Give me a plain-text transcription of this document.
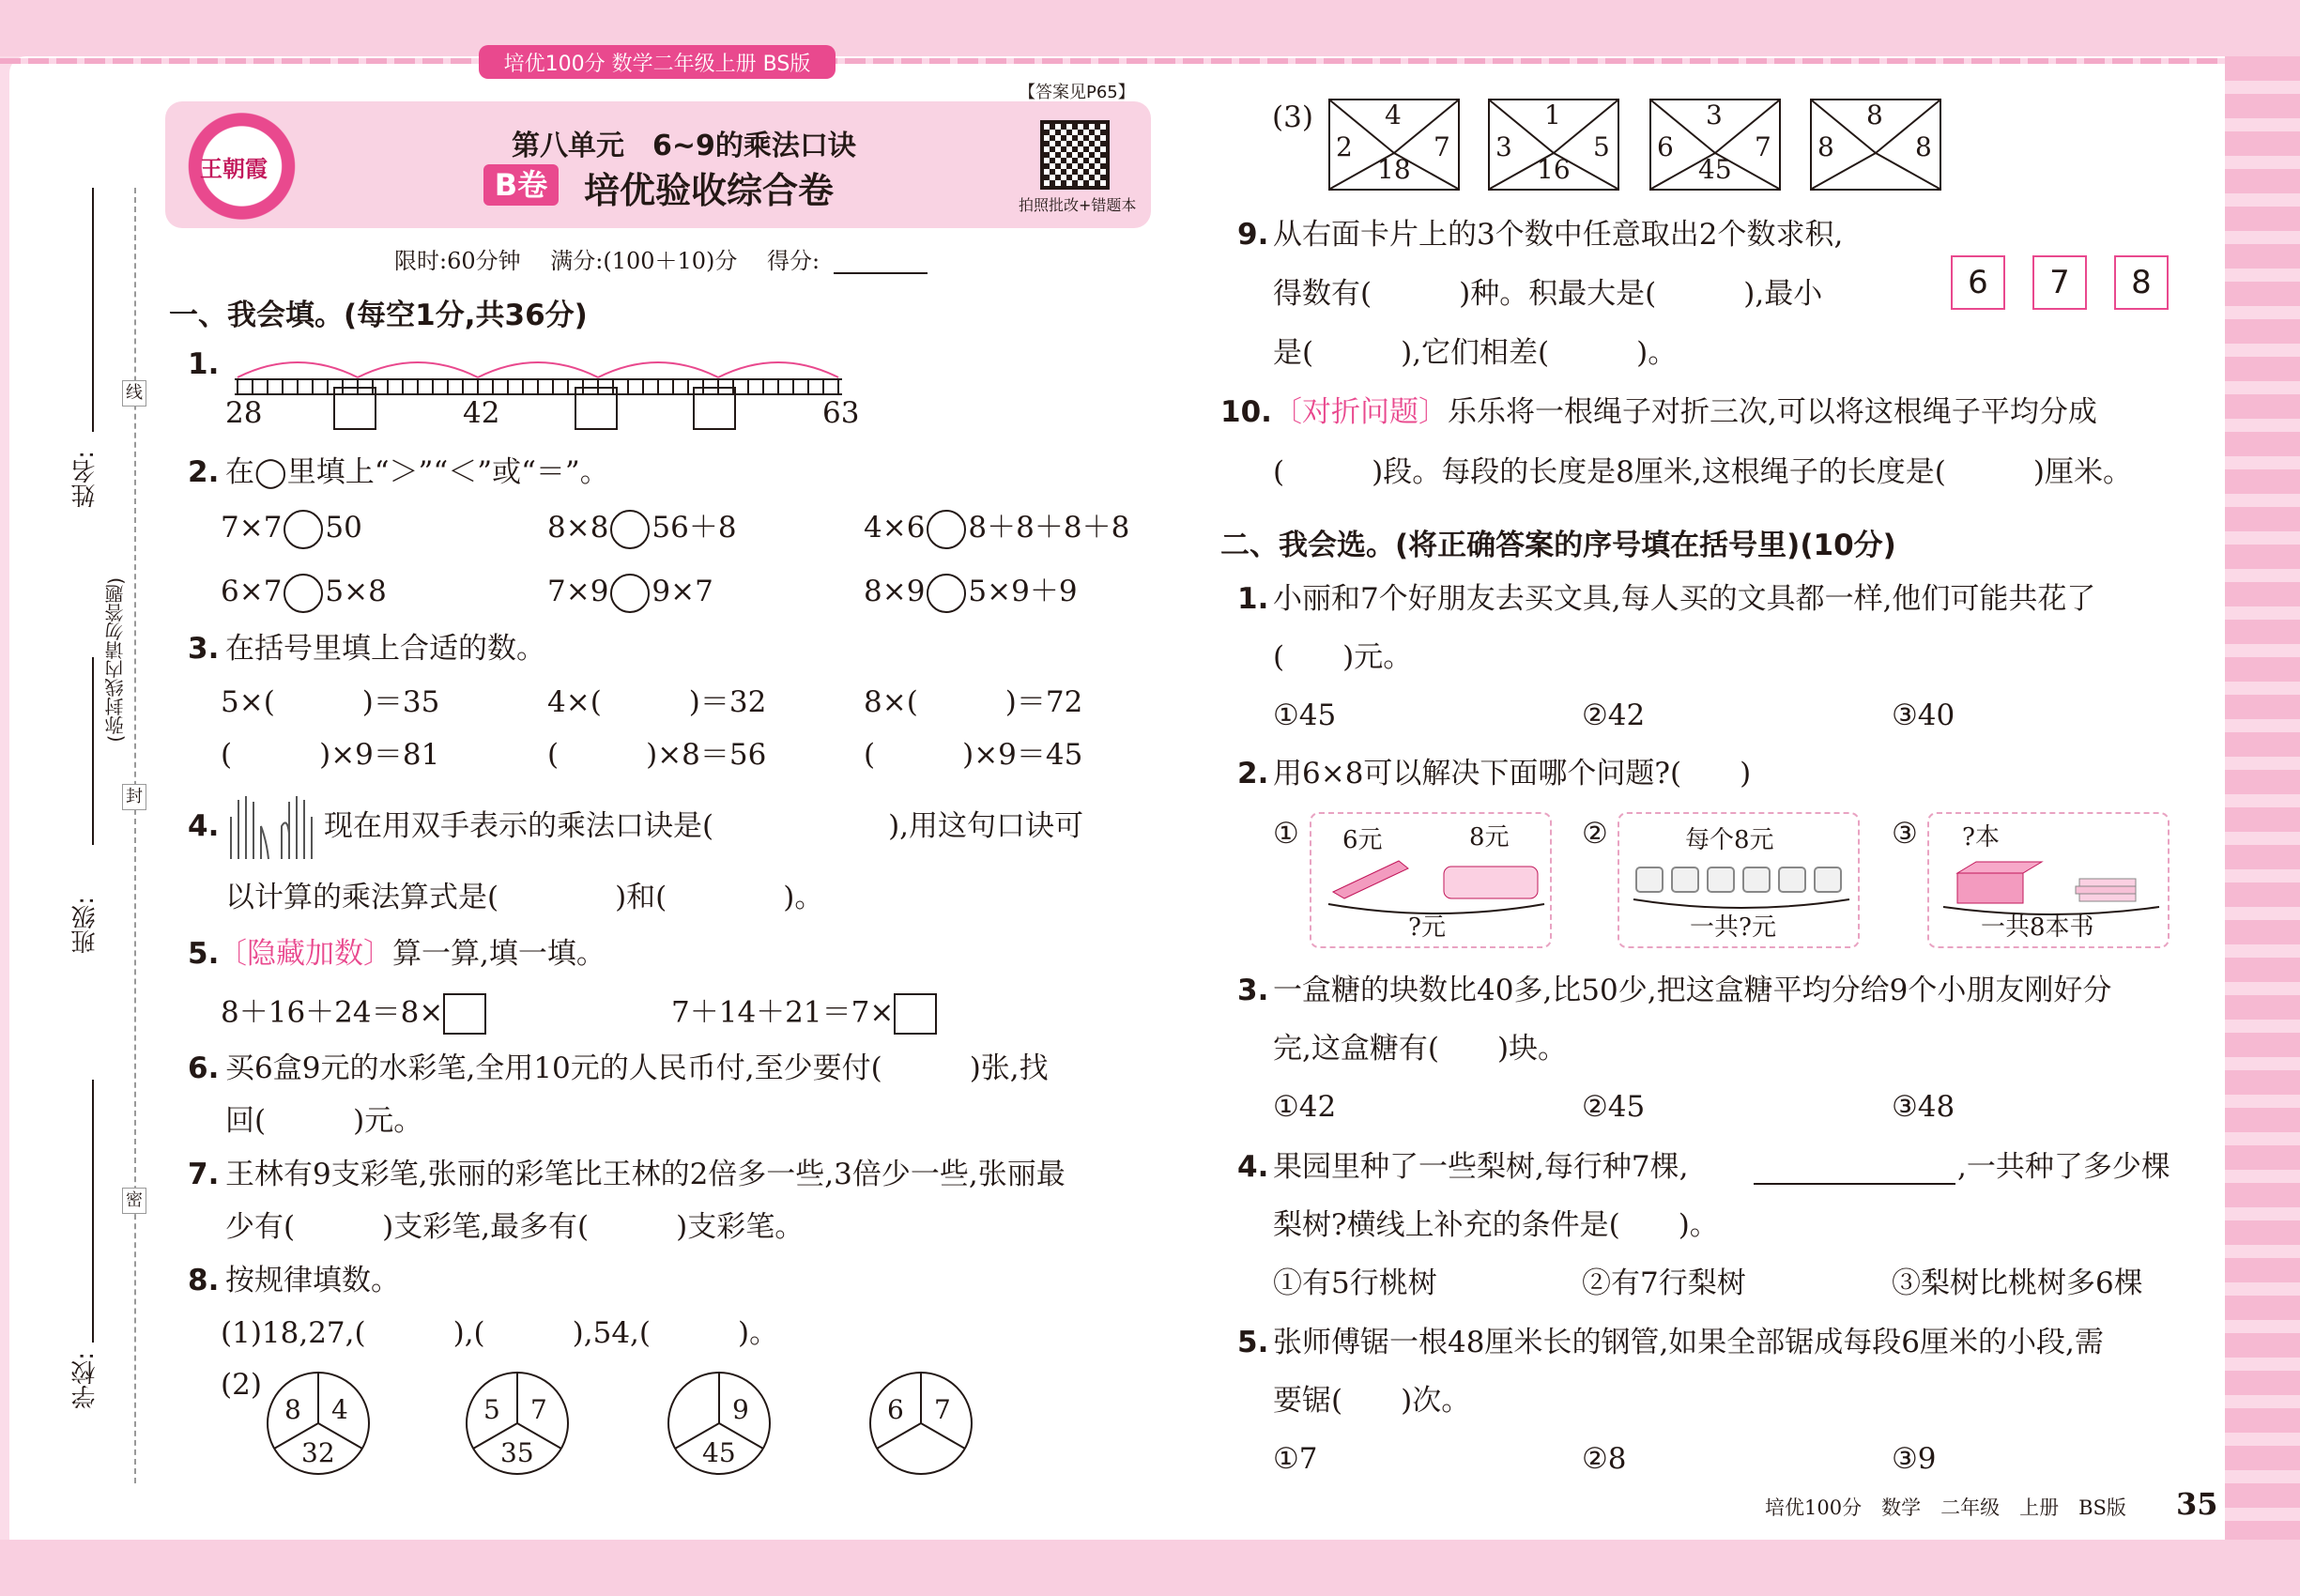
培优100分 数学二年级上册 BS版
姓名:
班级:
学校:
(弥封线内请勿答题)
线
封
密
王朝霞
【答案见P65】
第八单元　6~9的乘法口诀
B卷	培优验收综合卷	拍照批改+错题本
限时:60分钟　 满分:(100＋10)分　 得分:
一、我会填。(每空1分,共36分)
1.
28	42	63
2. 在◯里填上“＞”“＜”或“＝”。
7×7 50	8×8 56＋8	4×6 8＋8＋8＋8
6×7 5×8	7×9 9×7	8×9 5×9＋9
3. 在括号里填上合适的数。
5×(　　　)＝35	4×(　　　)＝32	8×(　　　)＝72
(　　　)×9＝81	(　　　)×8＝56	(　　　)×9＝45
4.	现在用双手表示的乘法口诀是(　　　　　　),用这句口诀可
以计算的乘法算式是(　　　　)和(　　　　)。
5.
〔隐藏加数〕算一算,填一填。
8＋16＋24＝8×	7＋14＋21＝7×
6. 买6盒9元的水彩笔,全用10元的人民币付,至少要付(　　　)张,找
回(　　　)元。
7. 王林有9支彩笔,张丽的彩笔比王林的2倍多一些,3倍少一些,张丽最
少有(　　　)支彩笔,最多有(　　　)支彩笔。
8. 按规律填数。
(1)18,27,(　　　),(　　　),54,(　　　)。
(2)
8 4
32
5 7
35
9
45
6 7
(3)	4
2	7
18
1
3	5
16
3
6	7
45
8
8	8
9. 从右面卡片上的3个数中任意取出2个数求积,
得数有(　　　)种。积最大是(　　　),最小
是(　　　),它们相差(　　　)。
6	7	8
10. 〔对折问题〕乐乐将一根绳子对折三次,可以将这根绳子平均分成
(　　　)段。每段的长度是8厘米,这根绳子的长度是(　　　)厘米。
二、我会选。(将正确答案的序号填在括号里)(10分)
1. 小丽和7个好朋友去买文具,每人买的文具都一样,他们可能共花了
(　　)元。
①45	②42	③40
2. 用6×8可以解决下面哪个问题?(　　)
① 6元	8元
?元
②	每个8元
一共?元
③ ?本
一共8本书
3. 一盒糖的块数比40多,比50少,把这盒糖平均分给9个小朋友刚好分
完,这盒糖有(　　)块。
①42	②45	③48
4. 果园里种了一些梨树,每行种7棵,	,一共种了多少棵
梨树?横线上补充的条件是(　　)。
①有5行桃树	②有7行梨树	③梨树比桃树多6棵
5. 张师傅锯一根48厘米长的钢管,如果全部锯成每段6厘米的小段,需
要锯(　　)次。
①7	②8	③9
培优100分　数学　二年级　上册　BS版 35
